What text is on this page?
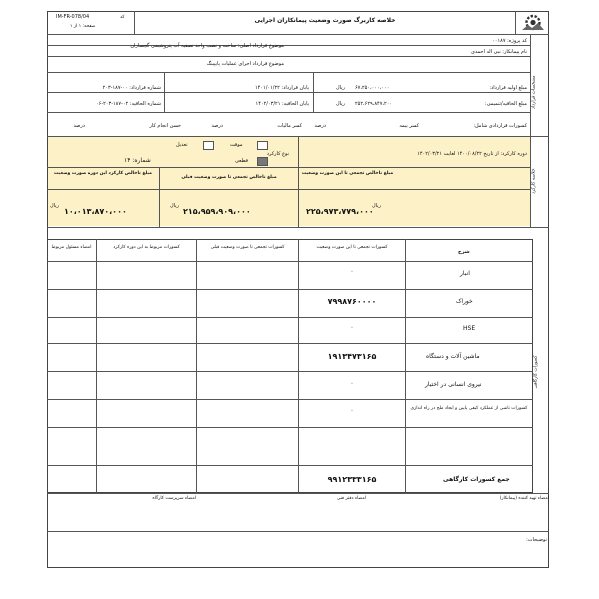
خلاصه کاربرگ صورت وضعیت پیمانکاران اجرایی
IM-FR-078/04	کد
صفحه: ۱ از ۱
مشخصات قرارداد
کد پروژه: ۰۰۱۸۷
نام پیمانکار: نبی اله احمدی
موضوع قرارداد اصلی: ساخت و نصب واحد تصفیه آب پتروشیمی گچساران
موضوع قرارداد اجرای عملیات پایپینگ
مبلغ اولیه قرارداد:
۶۷،۲۵۰،۰۰۰،۰۰۰
ریال
مبلغ الحاقیه/تتمیمی:
۲۵۲،۶۲۹،۸۴۷،۲۰۰
ریال
پایان قرارداد: ۱۴۰۱/۰۱/۲۲
پایان الحاقیه: ۱۴۰۲/۰۳/۲۱
شماره قرارداد: ۰۰-۱۸۷-۲۰۳
شماره الحاقیه: ۰۲-۱۸۷-۲۰۳-۰۶
کسورات قراردادی شامل:
کسر بیمه
درصد
کسر مالیات
درصد
حسن انجام کار
درصد
خلاصه کارکرد
دوره کارکرد: از تاریخ ۱۴۰۰/۰۸/۲۲ لغایت ۱۴۰۲/۰۳/۲۱
نوع کارکرد
موقت
تعدیل
قطعی
شماره: ۱۴
مبلغ ناخالص تجمعی تا این صورت وضعیت
مبلغ ناخالص تجمعی تا صورت وضعیت قبلی
مبلغ ناخالص کارکرد این دوره صورت وضعیت
۲۲۵،۹۷۳،۷۷۹،۰۰۰
ریال
۲۱۵،۹۵۹،۹۰۹،۰۰۰
ریال
۱۰،۰۱۳،۸۷۰،۰۰۰
ریال
کسورات کارگاهی
شرح
کسورات تجمعی تا این صورت وضعیت
کسورات تجمعی تا صورت وضعیت قبلی
کسورات مربوط به این دوره کارکرد
امضاء مسئول مربوط
انبار
۰
خوراک
۷۹۹۸۷۶۰۰۰۰
HSE
۰
ماشین آلات و دستگاه
۱۹۱۳۴۷۳۱۶۵
نیروی انسانی در اختیار
۰
کسورات ناشی از عملکرد کیفی پایین و ایجاد ملح در راه اندازی
۰
جمع کسورات کارگاهی
۹۹۱۲۳۳۳۱۶۵
امضاء تهیه کننده (پیمانکار)
امضاء دفتر فنی
امضاء سرپرست کارگاه
توضیحات:
